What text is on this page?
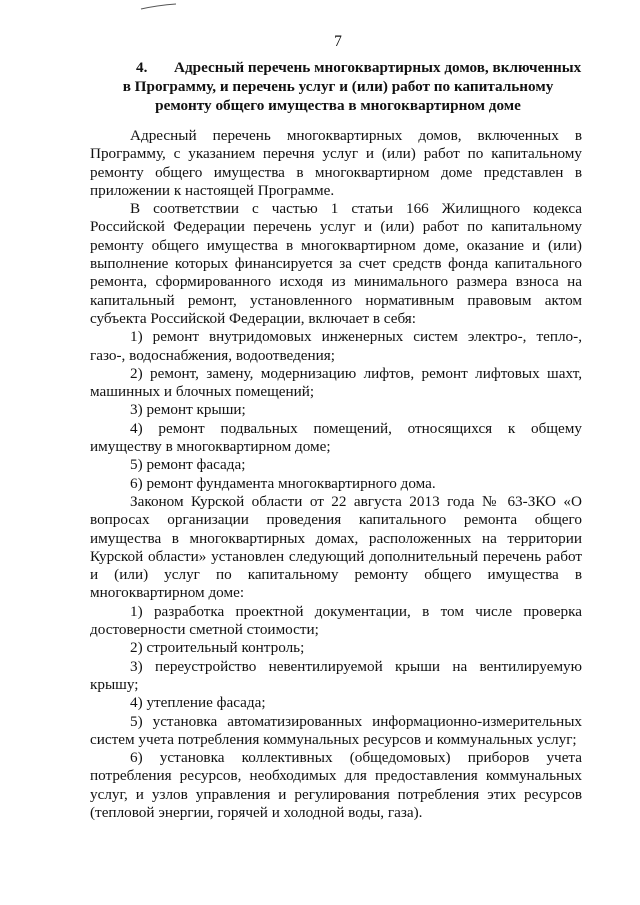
7
4. Адресный перечень многоквартирных домов, включенных
в Программу, и перечень услуг и (или) работ по капитальному
ремонту общего имущества в многоквартирном доме

Адресный перечень многоквартирных домов, включенных в Программу, с указанием перечня услуг и (или) работ по капитальному ремонту общего имущества в многоквартирном доме представлен в приложении к настоящей Программе.

В соответствии с частью 1 статьи 166 Жилищного кодекса Российской Федерации перечень услуг и (или) работ по капитальному ремонту общего имущества в многоквартирном доме, оказание и (или) выполнение которых финансируется за счет средств фонда капитального ремонта, сформированного исходя из минимального размера взноса на капитальный ремонт, установленного нормативным правовым актом субъекта Российской Федерации, включает в себя:

1) ремонт внутридомовых инженерных систем электро-, тепло-, газо-, водоснабжения, водоотведения;

2) ремонт, замену, модернизацию лифтов, ремонт лифтовых шахт, машинных и блочных помещений;

3) ремонт крыши;

4) ремонт подвальных помещений, относящихся к общему имуществу в многоквартирном доме;

5) ремонт фасада;

6) ремонт фундамента многоквартирного дома.

Законом Курской области от 22 августа 2013 года № 63-ЗКО «О вопросах организации проведения капитального ремонта общего имущества в многоквартирных домах, расположенных на территории Курской области» установлен следующий дополнительный перечень работ и (или) услуг по капитальному ремонту общего имущества в многоквартирном доме:

1) разработка проектной документации, в том числе проверка достоверности сметной стоимости;

2) строительный контроль;

3) переустройство невентилируемой крыши на вентилируемую крышу;

4) утепление фасада;

5) установка автоматизированных информационно-измерительных систем учета потребления коммунальных ресурсов и коммунальных услуг;

6) установка коллективных (общедомовых) приборов учета потребления ресурсов, необходимых для предоставления коммунальных услуг, и узлов управления и регулирования потребления этих ресурсов (тепловой энергии, горячей и холодной воды, газа).
